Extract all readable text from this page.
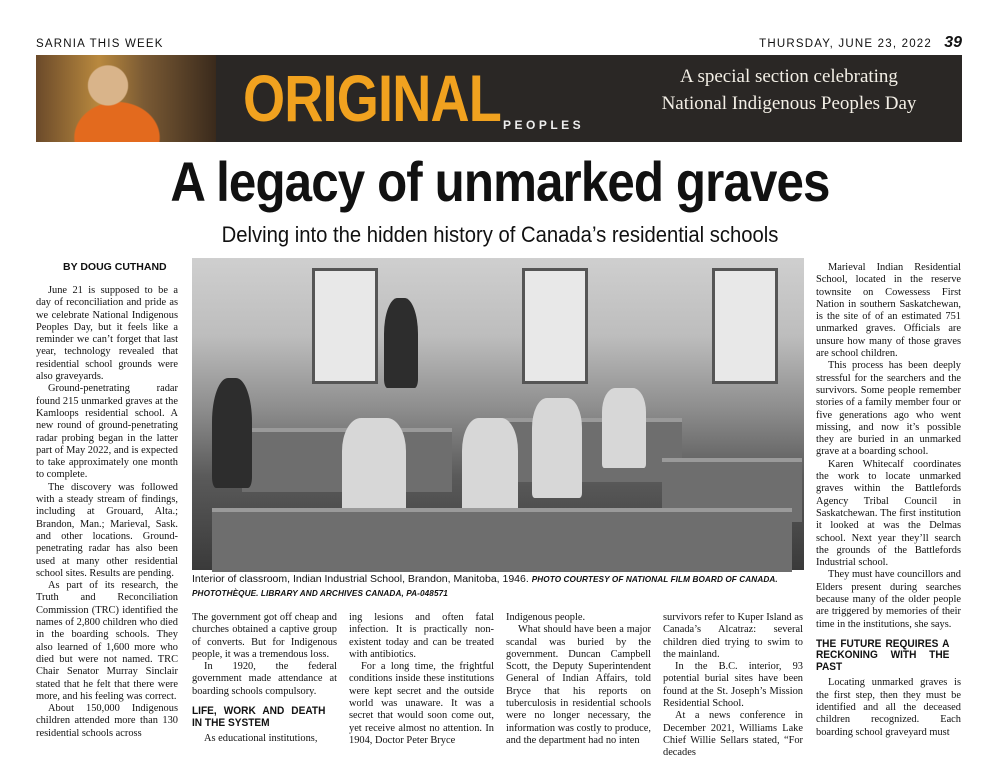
SARNIA THIS WEEK	THURSDAY, JUNE 23, 2022 39
ORIGINAL PEOPLES
A special section celebrating
National Indigenous Peoples Day
A legacy of unmarked graves
Delving into the hidden history of Canada’s residential schools
BY DOUG CUTHAND

June 21 is supposed to be a day of reconciliation and pride as we celebrate National Indigenous Peoples Day, but it feels like a reminder we can’t forget that last year, technology revealed that residential school grounds were also graveyards.

Ground-penetrating radar found 215 unmarked graves at the Kamloops residential school. A new round of ground-penetrating radar probing began in the latter part of May 2022, and is expected to take approximately one month to complete.

The discovery was followed with a steady stream of findings, including at Grouard, Alta.; Brandon, Man.; Marieval, Sask. and other locations. Ground-penetrating radar has also been used at many other residential school sites. Results are pending.

As part of its research, the Truth and Reconciliation Commission (TRC) identified the names of 2,800 children who died in the boarding schools. They also learned of 1,600 more who died but were not named. TRC Chair Senator Murray Sinclair stated that he felt that there were more, and his feeling was correct.

About 150,000 Indigenous children attended more than 130 residential schools across

Interior of classroom, Indian Industrial School, Brandon, Manitoba, 1946. PHOTO COURTESY OF NATIONAL FILM BOARD OF CANADA. PHOTOTHÈQUE. LIBRARY AND ARCHIVES CANADA, PA-048571

The government got off cheap and churches obtained a captive group of converts. But for Indigenous people, it was a tremendous loss.

In 1920, the federal government made attendance at boarding schools compulsory.

LIFE, WORK AND DEATH IN THE SYSTEM

As educational institutions,

ing lesions and often fatal infection. It is practically non-existent today and can be treated with antibiotics.

For a long time, the frightful conditions inside these institutions were kept secret and the outside world was unaware. It was a secret that would soon come out, yet receive almost no attention. In 1904, Doctor Peter Bryce

Indigenous people.

What should have been a major scandal was buried by the government. Duncan Campbell Scott, the Deputy Superintendent General of Indian Affairs, told Bryce that his reports on tuberculosis in residential schools were no longer necessary, the information was costly to produce, and the department had no inten

survivors refer to Kuper Island as Canada’s Alcatraz: several children died trying to swim to the mainland.

In the B.C. interior, 93 potential burial sites have been found at the St. Joseph’s Mission Residential School.

At a news conference in December 2021, Williams Lake Chief Willie Sellars stated, “For decades

Marieval Indian Residential School, located in the reserve townsite on Cowessess First Nation in southern Saskatchewan, is the site of of an estimated 751 unmarked graves. Officials are unsure how many of those graves are school children.

This process has been deeply stressful for the searchers and the survivors. Some people remember stories of a family member four or five generations ago who went missing, and now it’s possible they are buried in an unmarked grave at a boarding school.

Karen Whitecalf coordinates the work to locate unmarked graves within the Battlefords Agency Tribal Council in Saskatchewan. The first institution it looked at was the Delmas school. Next year they’ll search the grounds of the Battlefords Industrial school.

They must have councillors and Elders present during searches because many of the older people are triggered by memories of their time in the institutions, she says.

THE FUTURE REQUIRES A RECKONING WITH THE PAST

Locating unmarked graves is the first step, then they must be identified and all the deceased children recognized. Each boarding school graveyard must
